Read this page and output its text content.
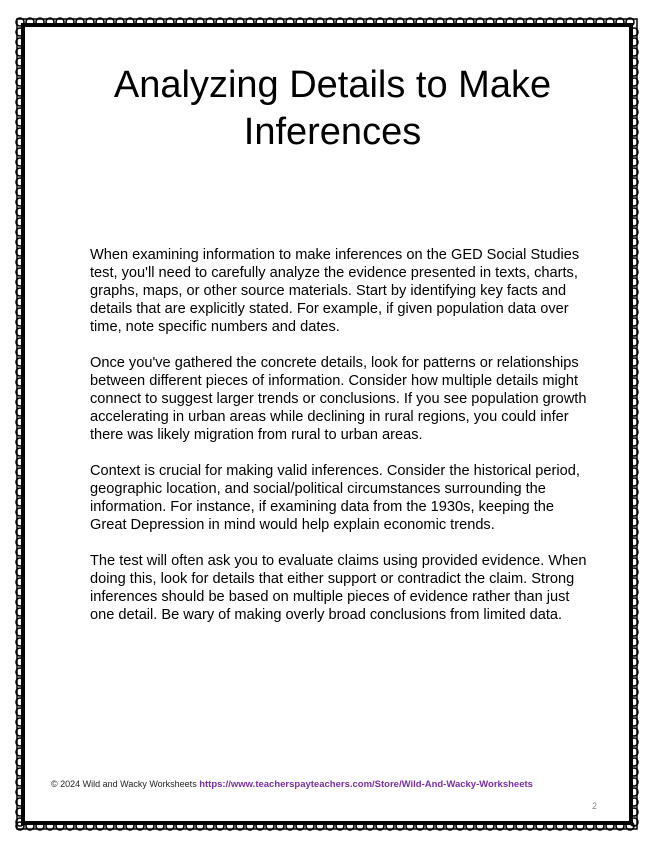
Analyzing Details to Make Inferences

When examining information to make inferences on the GED Social Studies test, you'll need to carefully analyze the evidence presented in texts, charts, graphs, maps, or other source materials. Start by identifying key facts and details that are explicitly stated. For example, if given population data over time, note specific numbers and dates.

Once you've gathered the concrete details, look for patterns or relationships between different pieces of information. Consider how multiple details might connect to suggest larger trends or conclusions. If you see population growth accelerating in urban areas while declining in rural regions, you could infer there was likely migration from rural to urban areas.

Context is crucial for making valid inferences. Consider the historical period, geographic location, and social/political circumstances surrounding the information. For instance, if examining data from the 1930s, keeping the Great Depression in mind would help explain economic trends.

The test will often ask you to evaluate claims using provided evidence. When doing this, look for details that either support or contradict the claim. Strong inferences should be based on multiple pieces of evidence rather than just one detail. Be wary of making overly broad conclusions from limited data.

© 2024 Wild and Wacky Worksheets https://www.teacherspayteachers.com/Store/Wild-And-Wacky-Worksheets
2
